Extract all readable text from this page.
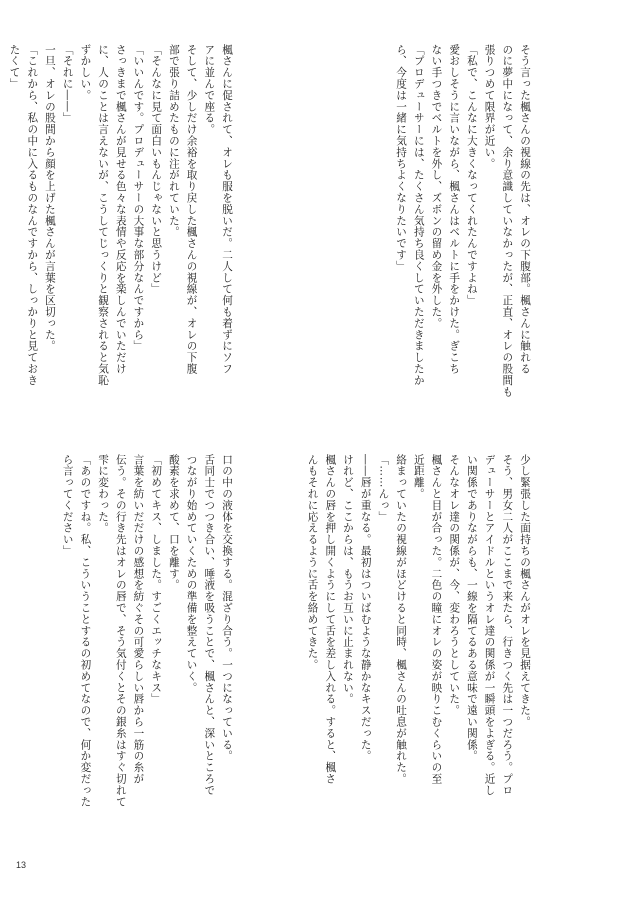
そう言った楓さんの視線の先は、オレの下腹部。楓さんに触れる
のに夢中になって、余り意識していなかったが、正直、オレの股間も
張りつめて限界が近い。
「私で、こんなに大きくなってくれたんですよね」
愛おしそうに言いながら、楓さんはベルトに手をかけた。ぎこち
ない手つきでベルトを外し、ズボンの留め金を外した。
「プロデューサーには、たくさん気持ち良くしていただきましたか
ら、今度は一緒に気持ちよくなりたいです」
楓さんに促されて、オレも服を脱いだ。二人して何も着ずにソフ
アに並んで座る。
そして、少しだけ余裕を取り戻した楓さんの視線が、オレの下腹
部で張り詰めたものに注がれていた。
「そんなに見て面白いもんじゃないと思うけど」
「いいんです。プロデューサーの大事な部分なんですから」
さっきまで楓さんが見せる色々な表情や反応を楽しんでいただけ
に、人のことは言えないが、こうしてじっくりと観察されると気恥
ずかしい。
「それに――」
一旦、オレの股間から顔を上げた楓さんが言葉を区切った。
「これから、私の中に入るものなんですから、しっかりと見ておき
たくて」
少し緊張した面持ちの楓さんがオレを見据えてきた。
そう、男女二人がここまで来たら、行きつく先は一つだろう。プロ
デューサーとアイドルというオレ達の関係が一瞬頭をよぎる。近し
い関係でありながらも、一線を隔てるある意味で遠い関係。
そんなオレ達の関係が、今、変わろうとしていた。
楓さんと目が合った。二色の瞳にオレの姿が映りこむくらいの至
近距離。
絡まっていたの視線がほどけると同時、楓さんの吐息が触れた。
「……んっ」
――唇が重なる。最初はついばむような静かなキスだった。
けれど、ここからは、もうお互いに止まれない。
楓さんの唇を押し開くようにして舌を差し入れる。すると、楓さ
んもそれに応えるように舌を絡めてきた。
口の中の液体を交換する。混ざり合う。一つになっている。
舌同士でつつき合い、唾液を吸うことで、楓さんと、深いところで
つながり始めていくための準備を整えていく。
酸素を求めて、口を離す。
「初めてキス、しました。すごくエッチなキス」
言葉を紡いだだけの感想を紡ぐその可愛らしい唇から一筋の糸が
伝う。その行き先はオレの唇で、そう気付くとその銀糸はすぐ切れて
雫に変わった。
「あのですね。私、こういうことするの初めてなので、何か変だった
ら言ってください」
13
